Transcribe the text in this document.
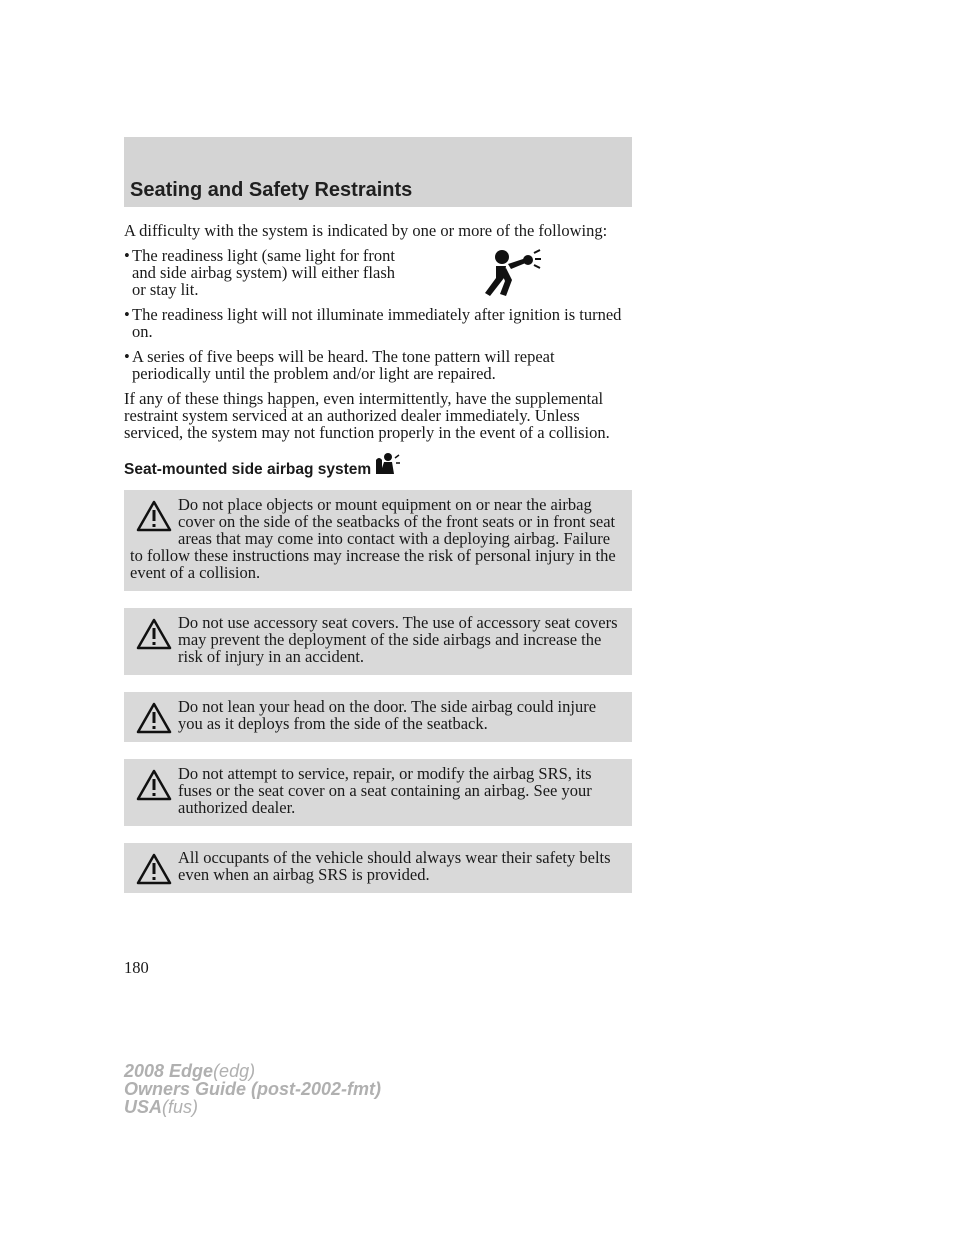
Seating and Safety Restraints

A difficulty with the system is indicated by one or more of the following:

• The readiness light (same light for front and side airbag system) will either flash or stay lit.
• The readiness light will not illuminate immediately after ignition is turned on.
• A series of five beeps will be heard. The tone pattern will repeat periodically until the problem and/or light are repaired.

If any of these things happen, even intermittently, have the supplemental restraint system serviced at an authorized dealer immediately. Unless serviced, the system may not function properly in the event of a collision.

Seat-mounted side airbag system

Do not place objects or mount equipment on or near the airbag cover on the side of the seatbacks of the front seats or in front seat areas that may come into contact with a deploying airbag. Failure to follow these instructions may increase the risk of personal injury in the event of a collision.

Do not use accessory seat covers. The use of accessory seat covers may prevent the deployment of the side airbags and increase the risk of injury in an accident.

Do not lean your head on the door. The side airbag could injure you as it deploys from the side of the seatback.

Do not attempt to service, repair, or modify the airbag SRS, its fuses or the seat cover on a seat containing an airbag. See your authorized dealer.

All occupants of the vehicle should always wear their safety belts even when an airbag SRS is provided.

180
2008 Edge(edg)
Owners Guide (post-2002-fmt)
USA(fus)
